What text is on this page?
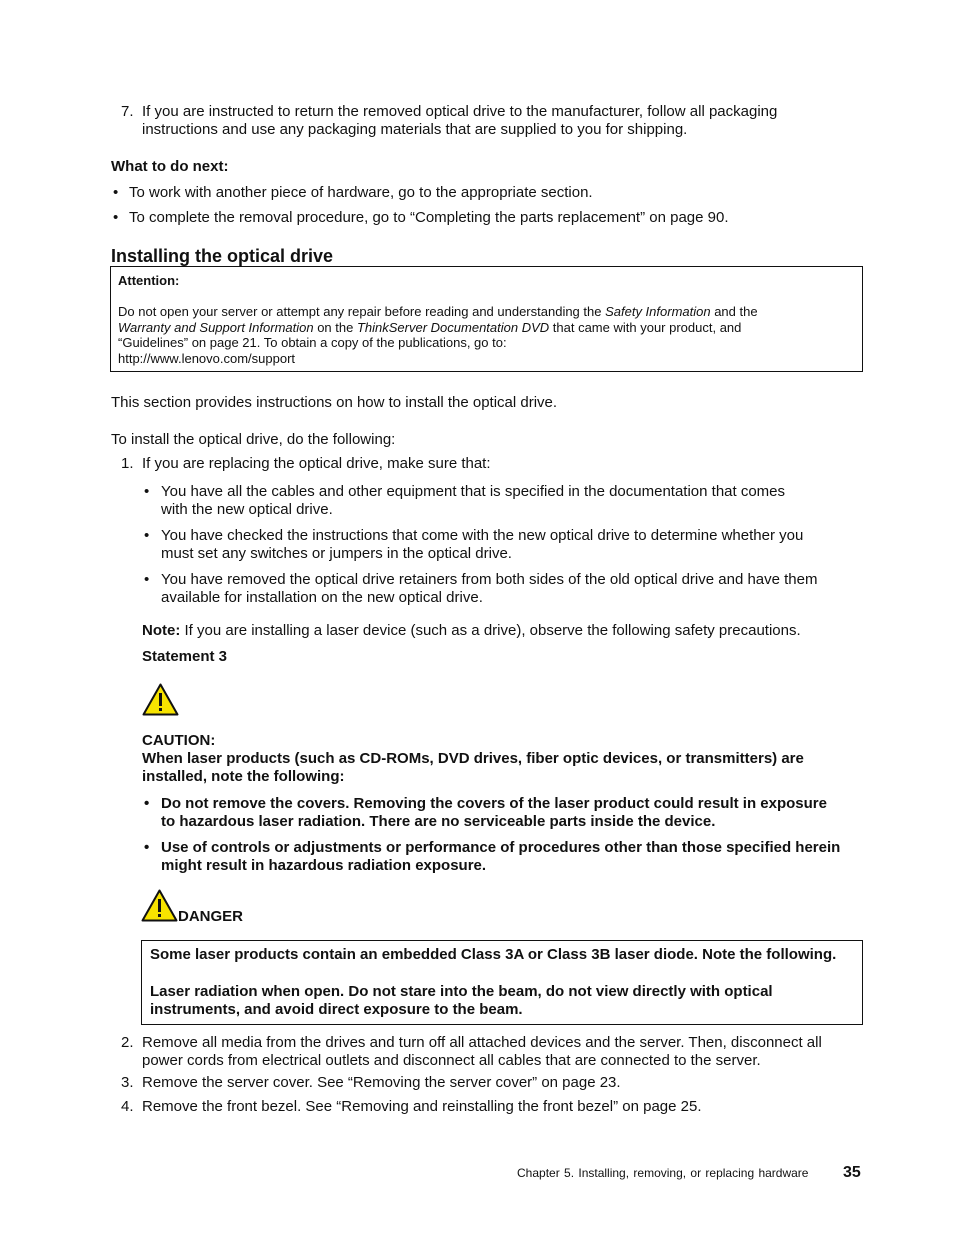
7. If you are instructed to return the removed optical drive to the manufacturer, follow all packaging
instructions and use any packaging materials that are supplied to you for shipping.
What to do next:
• To work with another piece of hardware, go to the appropriate section.
• To complete the removal procedure, go to “Completing the parts replacement” on page 90.
Installing the optical drive
Attention:
Do not open your server or attempt any repair before reading and understanding the Safety Information and the
Warranty and Support Information on the ThinkServer Documentation DVD that came with your product, and
“Guidelines” on page 21. To obtain a copy of the publications, go to:
http://www.lenovo.com/support
This section provides instructions on how to install the optical drive.
To install the optical drive, do the following:
1. If you are replacing the optical drive, make sure that:
• You have all the cables and other equipment that is specified in the documentation that comes
with the new optical drive.
• You have checked the instructions that come with the new optical drive to determine whether you
must set any switches or jumpers in the optical drive.
• You have removed the optical drive retainers from both sides of the old optical drive and have them
available for installation on the new optical drive.
Note: If you are installing a laser device (such as a drive), observe the following safety precautions.
Statement 3
CAUTION:
When laser products (such as CD-ROMs, DVD drives, fiber optic devices, or transmitters) are
installed, note the following:
• Do not remove the covers. Removing the covers of the laser product could result in exposure
to hazardous laser radiation. There are no serviceable parts inside the device.
• Use of controls or adjustments or performance of procedures other than those specified herein
might result in hazardous radiation exposure.
DANGER
Some laser products contain an embedded Class 3A or Class 3B laser diode. Note the following.
Laser radiation when open. Do not stare into the beam, do not view directly with optical
instruments, and avoid direct exposure to the beam.
2. Remove all media from the drives and turn off all attached devices and the server. Then, disconnect all
power cords from electrical outlets and disconnect all cables that are connected to the server.
3. Remove the server cover. See “Removing the server cover” on page 23.
4. Remove the front bezel. See “Removing and reinstalling the front bezel” on page 25.
Chapter 5. Installing, removing, or replacing hardware 35
